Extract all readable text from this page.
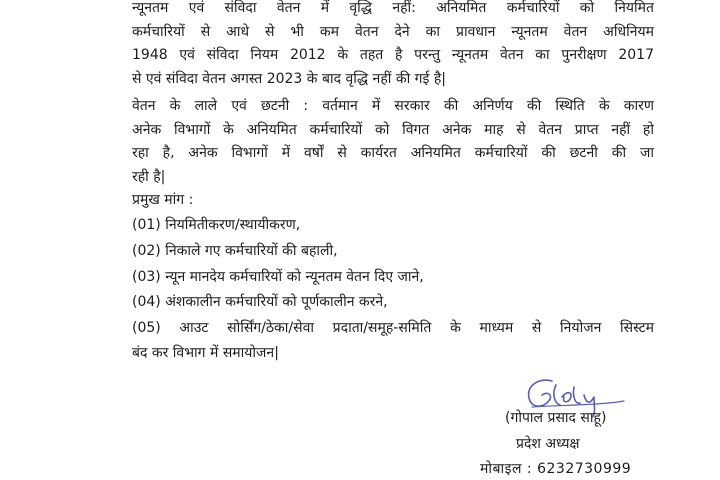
न्यूनतम एवं संविदा वेतन में वृद्धि नहीं: अनियमित कर्मचारियों को नियमित
कर्मचारियों से आधे से भी कम वेतन देने का प्रावधान न्यूनतम वेतन अधिनियम
1948 एवं संविदा नियम 2012 के तहत है परन्तु न्यूनतम वेतन का पुनरीक्षण 2017
से एवं संविदा वेतन अगस्त 2023 के बाद वृद्धि नहीं की गई है|

वेतन के लाले एवं छटनी : वर्तमान में सरकार की अनिर्णय की स्थिति के कारण
अनेक विभागों के अनियमित कर्मचारियों को विगत अनेक माह से वेतन प्राप्त नहीं हो
रहा है, अनेक विभागों में वर्षों से कार्यरत अनियमित कर्मचारियों की छटनी की जा
रही है|

प्रमुख मांग :
(01) नियमितीकरण/स्थायीकरण,
(02) निकाले गए कर्मचारियों की बहाली,
(03) न्यून मानदेय कर्मचारियों को न्यूनतम वेतन दिए जाने,
(04) अंशकालीन कर्मचारियों को पूर्णकालीन करने,
(05) आउट सोर्सिंग/ठेका/सेवा प्रदाता/समूह-समिति के माध्यम से नियोजन सिस्टम
बंद कर विभाग में समायोजन|
(गोपाल प्रसाद साहू)
प्रदेश अध्यक्ष
मोबाइल : 6232730999
